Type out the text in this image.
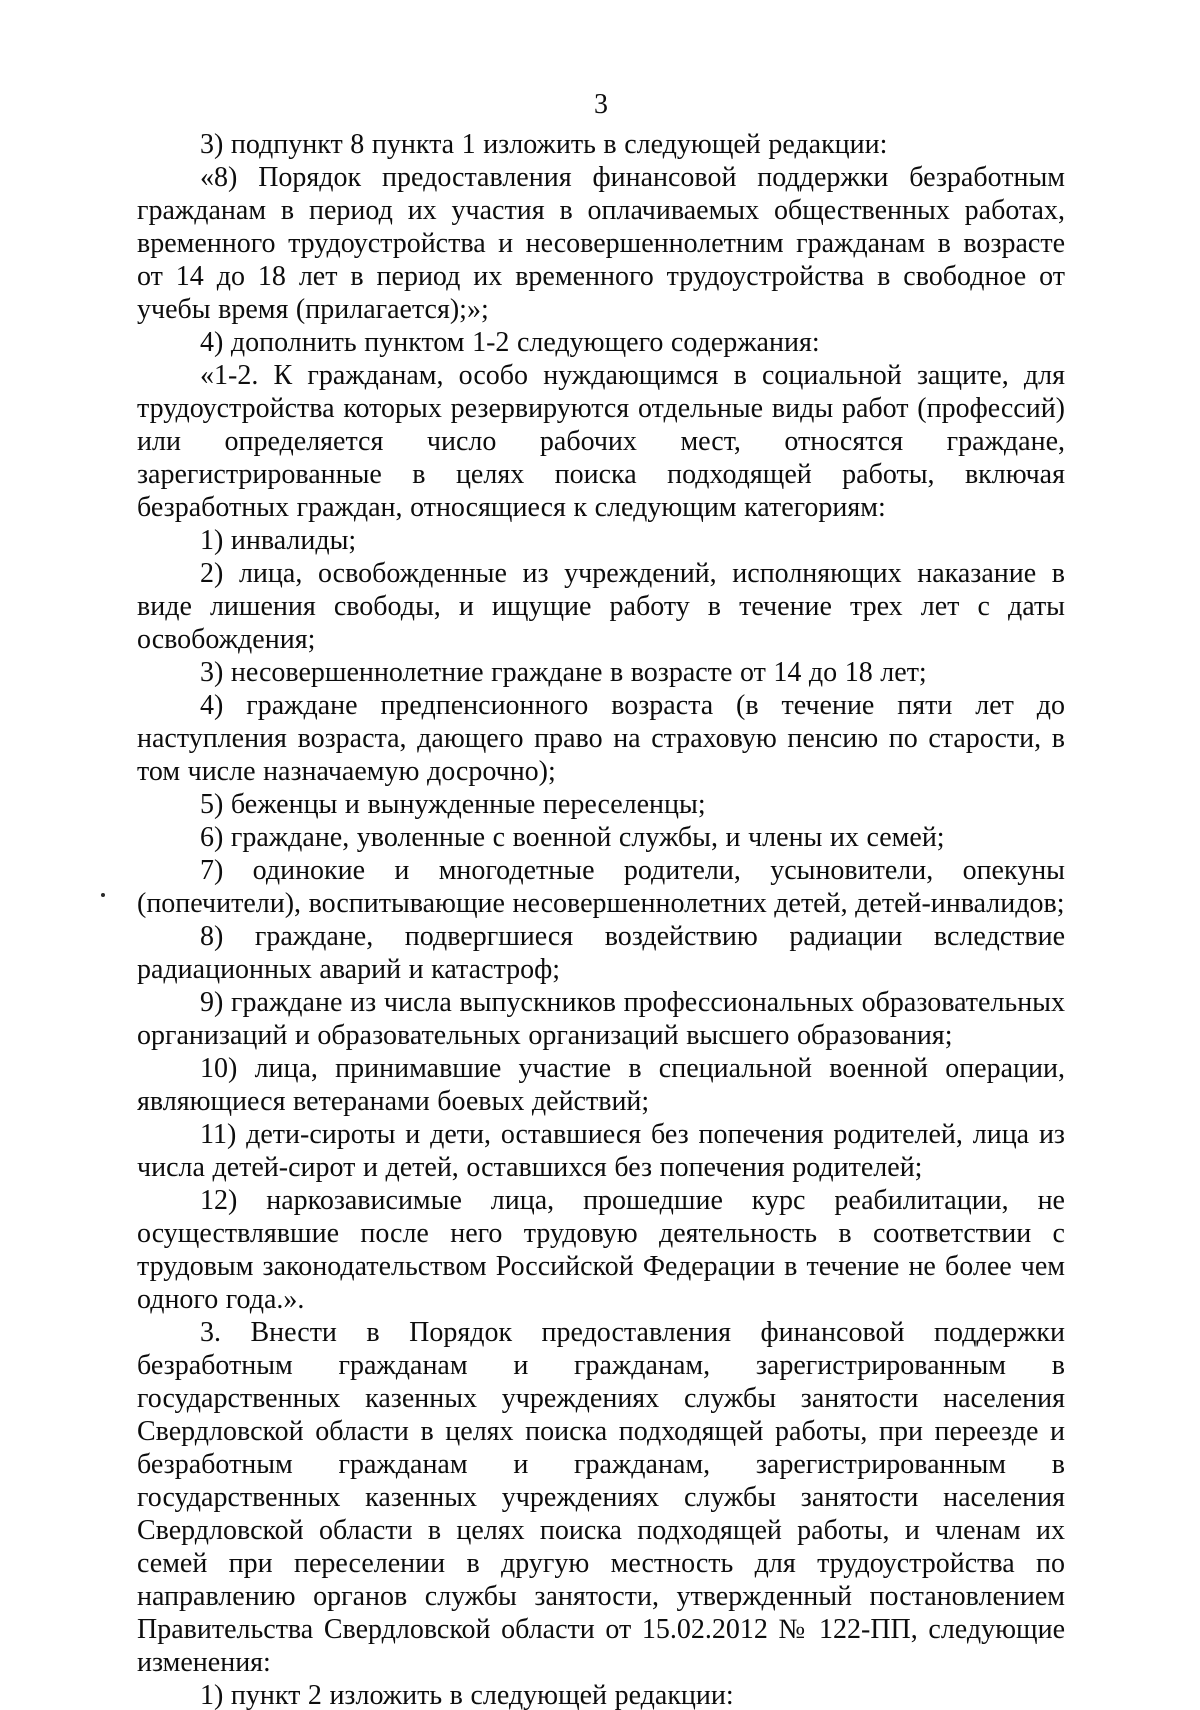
3

3) подпункт 8 пункта 1 изложить в следующей редакции:

«8) Порядок предоставления финансовой поддержки безработным гражданам в период их участия в оплачиваемых общественных работах, временного трудоустройства и несовершеннолетним гражданам в возрасте от 14 до 18 лет в период их временного трудоустройства в свободное от учебы время (прилагается);»;

4) дополнить пунктом 1-2 следующего содержания:

«1-2. К гражданам, особо нуждающимся в социальной защите, для трудоустройства которых резервируются отдельные виды работ (профессий) или определяется число рабочих мест, относятся граждане, зарегистрированные в целях поиска подходящей работы, включая безработных граждан, относящиеся к следующим категориям:

1) инвалиды;

2) лица, освобожденные из учреждений, исполняющих наказание в виде лишения свободы, и ищущие работу в течение трех лет с даты освобождения;

3) несовершеннолетние граждане в возрасте от 14 до 18 лет;

4) граждане предпенсионного возраста (в течение пяти лет до наступления возраста, дающего право на страховую пенсию по старости, в том числе назначаемую досрочно);

5) беженцы и вынужденные переселенцы;

6) граждане, уволенные с военной службы, и члены их семей;

7) одинокие и многодетные родители, усыновители, опекуны (попечители), воспитывающие несовершеннолетних детей, детей-инвалидов;

8) граждане, подвергшиеся воздействию радиации вследствие радиационных аварий и катастроф;

9) граждане из числа выпускников профессиональных образовательных организаций и образовательных организаций высшего образования;

10) лица, принимавшие участие в специальной военной операции, являющиеся ветеранами боевых действий;

11) дети-сироты и дети, оставшиеся без попечения родителей, лица из числа детей-сирот и детей, оставшихся без попечения родителей;

12) наркозависимые лица, прошедшие курс реабилитации, не осуществлявшие после него трудовую деятельность в соответствии с трудовым законодательством Российской Федерации в течение не более чем одного года.».

3. Внести в Порядок предоставления финансовой поддержки безработным гражданам и гражданам, зарегистрированным в государственных казенных учреждениях службы занятости населения Свердловской области в целях поиска подходящей работы, при переезде и безработным гражданам и гражданам, зарегистрированным в государственных казенных учреждениях службы занятости населения Свердловской области в целях поиска подходящей работы, и членам их семей при переселении в другую местность для трудоустройства по направлению органов службы занятости, утвержденный постановлением Правительства Свердловской области от 15.02.2012 № 122-ПП, следующие изменения:

1) пункт 2 изложить в следующей редакции:
